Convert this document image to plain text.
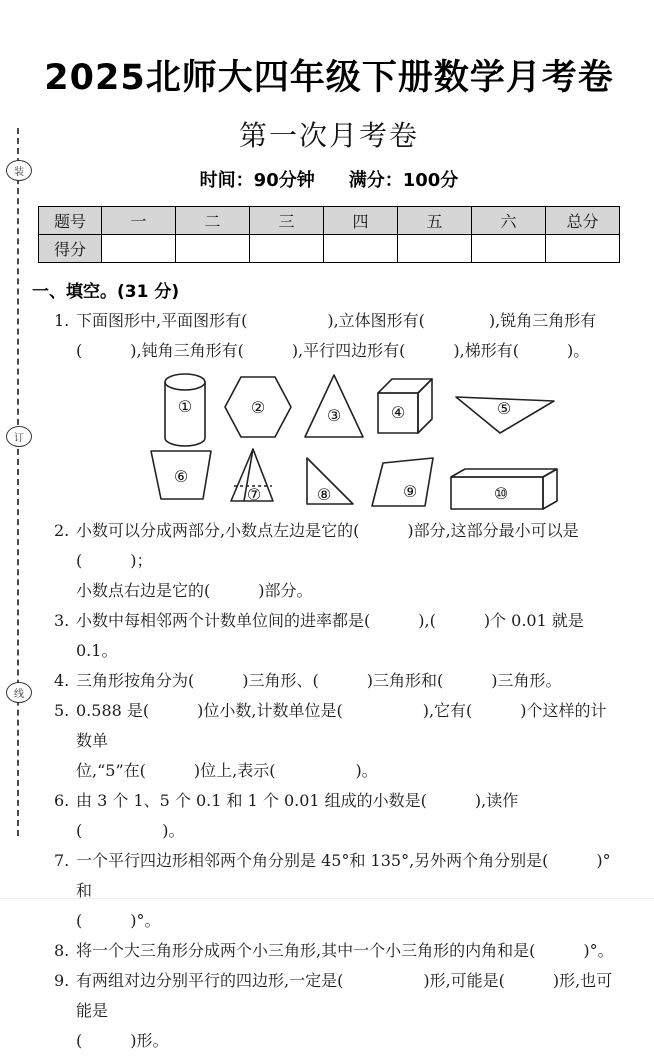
装
订
线
2025北师大四年级下册数学月考卷
第一次月考卷
时间：90分钟 满分：100分
题号	一	二	三	四	五	六	总分
得分							
一、填空。(31 分)
1. 下面图形中,平面图形有(　　　　　),立体图形有(　　　　),锐角三角形有
(　　　),钝角三角形有(　　　),平行四边形有(　　　),梯形有(　　　)。
①	②	③	④	⑤
⑥
⑦	⑧	⑨	⑩
2. 小数可以分成两部分,小数点左边是它的(　　　)部分,这部分最小可以是(　　　)；
小数点右边是它的(　　　)部分。
3. 小数中每相邻两个计数单位间的进率都是(　　　),(　　　)个 0.01 就是 0.1。
4. 三角形按角分为(　　　)三角形、(　　　)三角形和(　　　)三角形。
5. 0.588 是(　　　)位小数,计数单位是(　　　　　),它有(　　　)个这样的计数单
位,“5”在(　　　)位上,表示(　　　　　)。
6. 由 3 个 1、5 个 0.1 和 1 个 0.01 组成的小数是(　　　),读作(　　　　　)。
7. 一个平行四边形相邻两个角分别是 45°和 135°,另外两个角分别是(　　　)°和
(　　　)°。
8. 将一个大三角形分成两个小三角形,其中一个小三角形的内角和是(　　　)°。
9. 有两组对边分别平行的四边形,一定是(　　　　　)形,可能是(　　　)形,也可能是
(　　　)形。
